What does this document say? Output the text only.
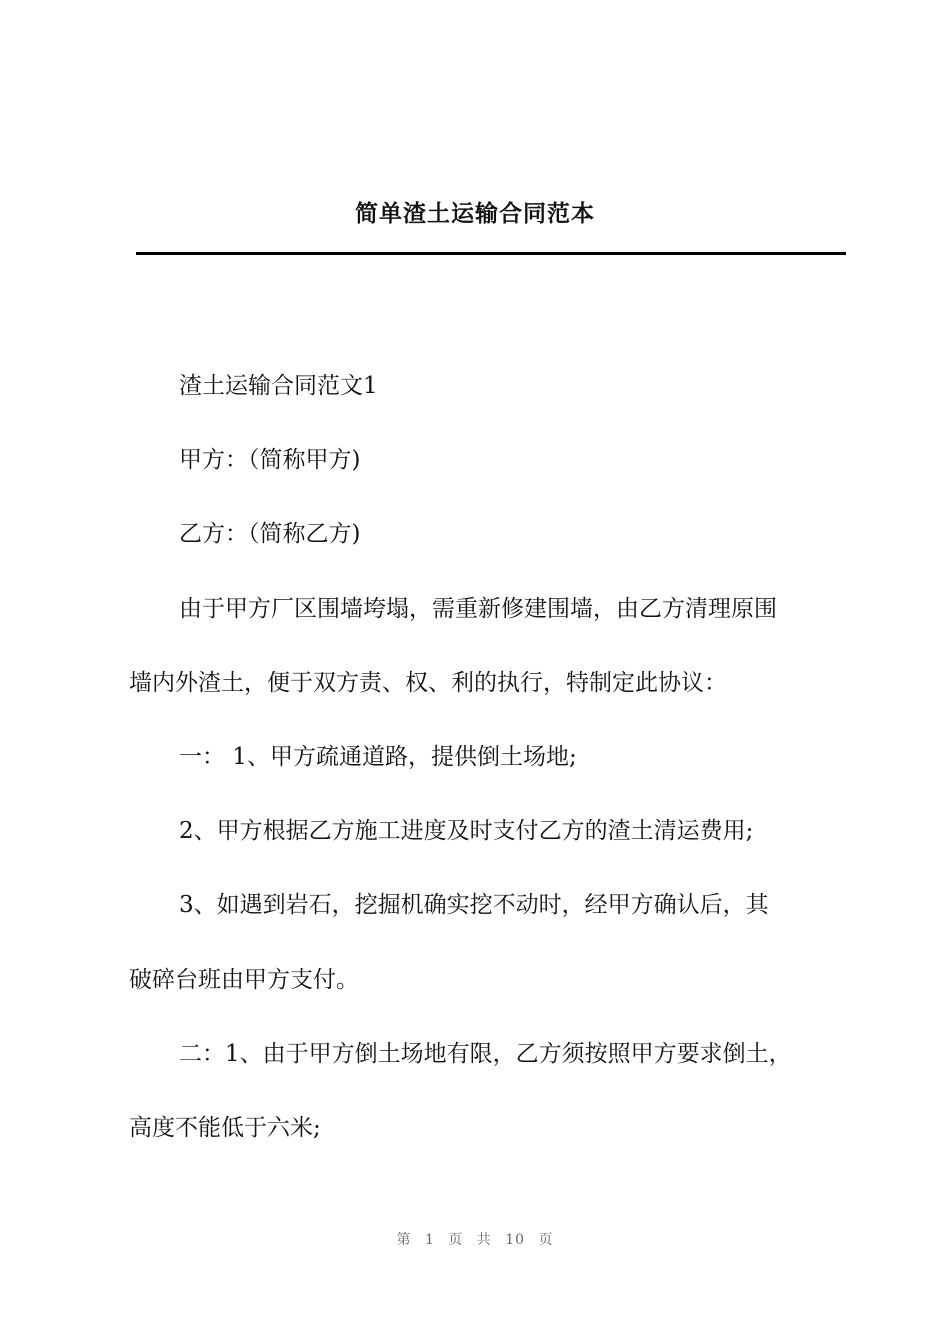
简单渣土运输合同范本
渣土运输合同范文1
甲方：（简称甲方)
乙方：（简称乙方)
由于甲方厂区围墙垮塌，需重新修建围墙，由乙方清理原围
墙内外渣土，便于双方责、权、利的执行，特制定此协议：
一： 1、甲方疏通道路，提供倒土场地;
2、甲方根据乙方施工进度及时支付乙方的渣土清运费用;
3、如遇到岩石，挖掘机确实挖不动时，经甲方确认后，其
破碎台班由甲方支付。
二：1、由于甲方倒土场地有限，乙方须按照甲方要求倒土，
高度不能低于六米;
第 1 页 共 10 页
